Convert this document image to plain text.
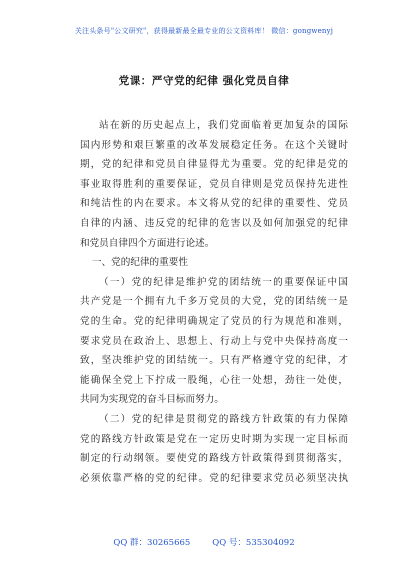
关注头条号"公文研究"，获得最新最全最专业的公文资料库！ 微信：gongwenyj
党课：严守党的纪律 强化党员自律
站在新的历史起点上，我们党面临着更加复杂的国际
国内形势和艰巨繁重的改革发展稳定任务。在这个关键时
期，党的纪律和党员自律显得尤为重要。党的纪律是党的
事业取得胜利的重要保证，党员自律则是党员保持先进性
和纯洁性的内在要求。本文将从党的纪律的重要性、党员
自律的内涵、违反党的纪律的危害以及如何加强党的纪律
和党员自律四个方面进行论述。
一、党的纪律的重要性
（一）党的纪律是维护党的团结统一的重要保证中国
共产党是一个拥有九千多万党员的大党，党的团结统一是
党的生命。党的纪律明确规定了党员的行为规范和准则，
要求党员在政治上、思想上、行动上与党中央保持高度一
致，坚决维护党的团结统一。只有严格遵守党的纪律，才
能确保全党上下拧成一股绳，心往一处想，劲往一处使，
共同为实现党的奋斗目标而努力。
（二）党的纪律是贯彻党的路线方针政策的有力保障
党的路线方针政策是党在一定历史时期为实现一定目标而
制定的行动纲领。要使党的路线方针政策得到贯彻落实，
必须依靠严格的党的纪律。党的纪律要求党员必须坚决执
QQ 群：30265665	QQ 号：535304092
